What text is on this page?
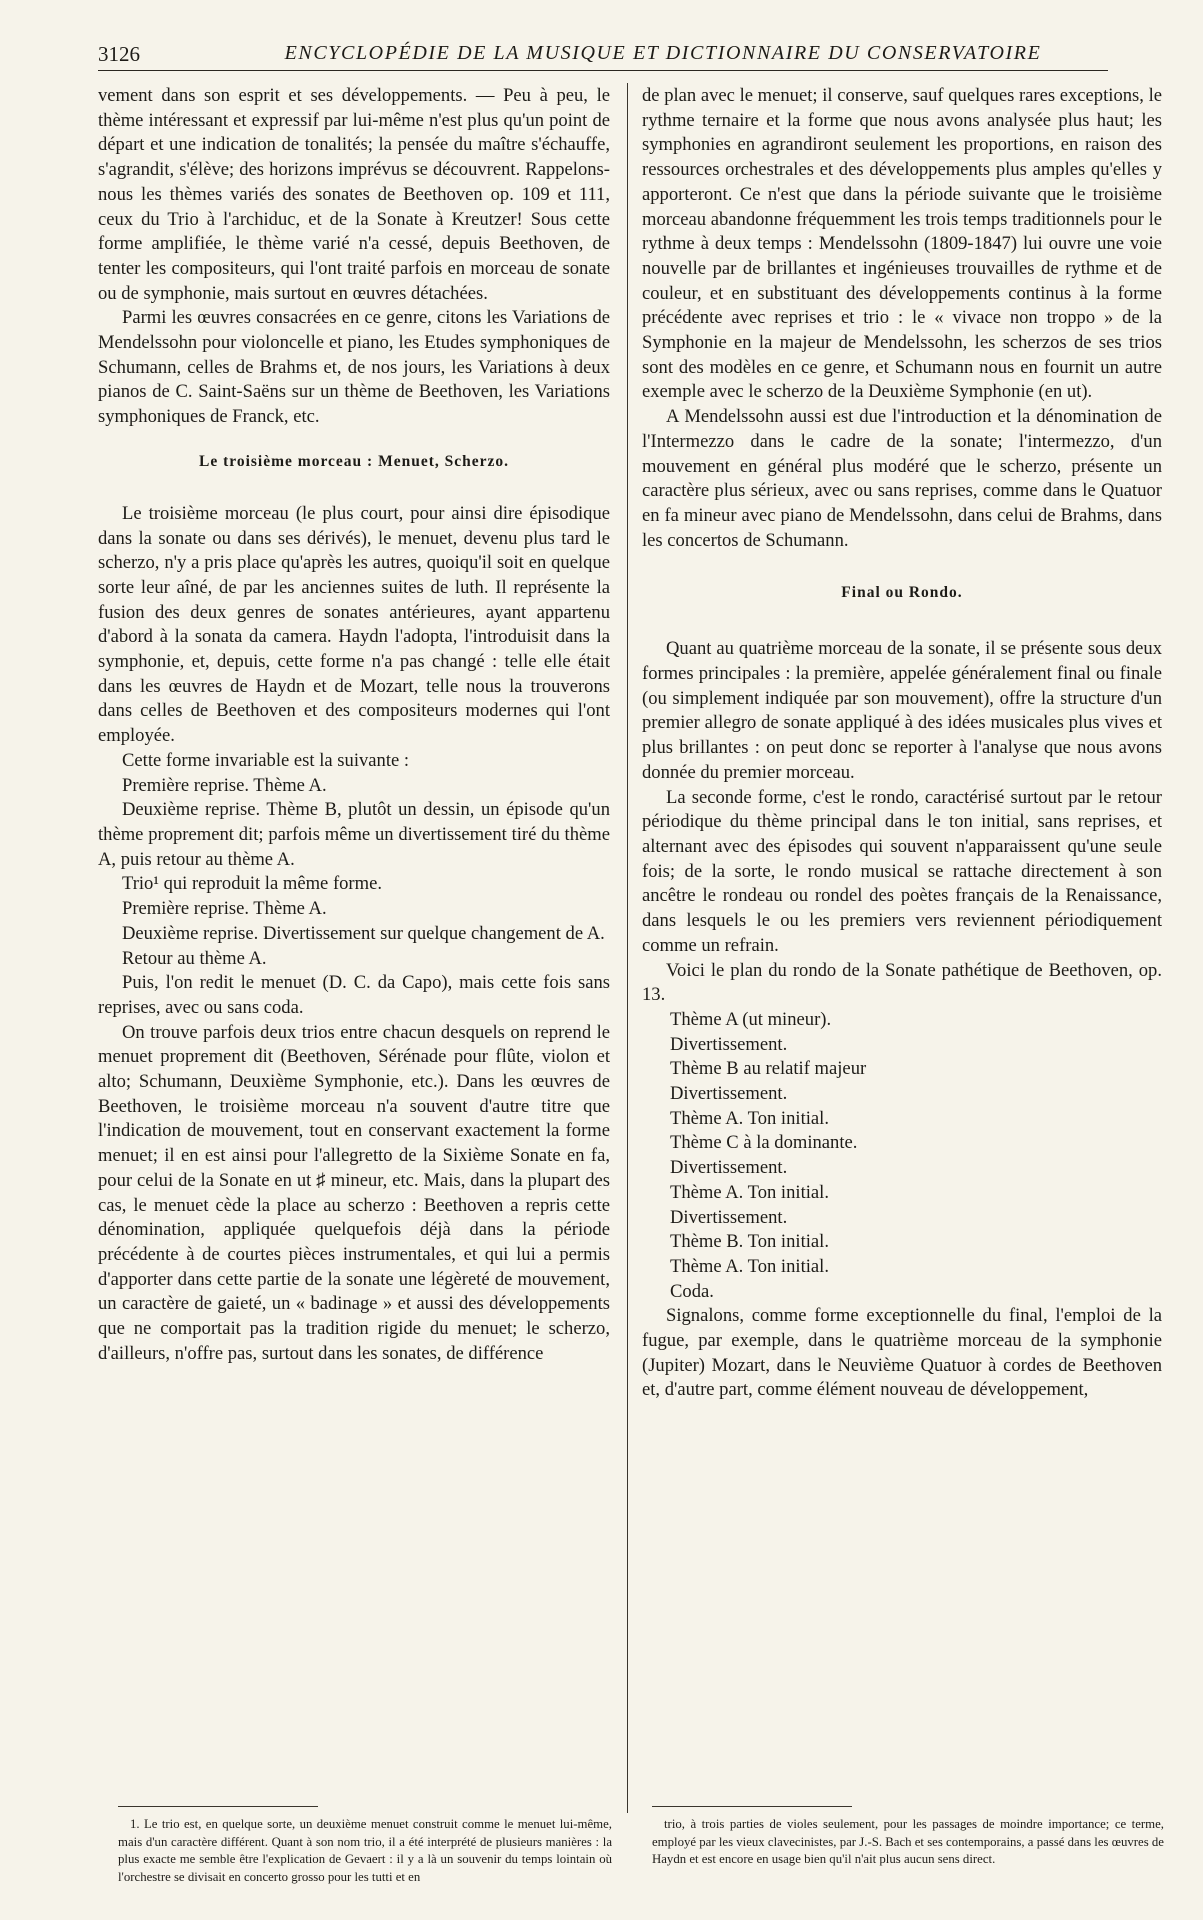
3126	ENCYCLOPÉDIE DE LA MUSIQUE ET DICTIONNAIRE DU CONSERVATOIRE

vement dans son esprit et ses développements. — Peu à peu, le thème intéressant et expressif par lui-même n'est plus qu'un point de départ et une indication de tonalités; la pensée du maître s'échauffe, s'agrandit, s'élève; des horizons imprévus se découvrent. Rappelons-nous les thèmes variés des sonates de Beethoven op. 109 et 111, ceux du Trio à l'archiduc, et de la Sonate à Kreutzer! Sous cette forme amplifiée, le thème varié n'a cessé, depuis Beethoven, de tenter les compositeurs, qui l'ont traité parfois en morceau de sonate ou de symphonie, mais surtout en œuvres détachées.

Parmi les œuvres consacrées en ce genre, citons les Variations de Mendelssohn pour violoncelle et piano, les Etudes symphoniques de Schumann, celles de Brahms et, de nos jours, les Variations à deux pianos de C. Saint-Saëns sur un thème de Beethoven, les Variations symphoniques de Franck, etc.

Le troisième morceau : Menuet, Scherzo.

Le troisième morceau (le plus court, pour ainsi dire épisodique dans la sonate ou dans ses dérivés), le menuet, devenu plus tard le scherzo, n'y a pris place qu'après les autres, quoiqu'il soit en quelque sorte leur aîné, de par les anciennes suites de luth. Il représente la fusion des deux genres de sonates antérieures, ayant appartenu d'abord à la sonata da camera. Haydn l'adopta, l'introduisit dans la symphonie, et, depuis, cette forme n'a pas changé : telle elle était dans les œuvres de Haydn et de Mozart, telle nous la trouverons dans celles de Beethoven et des compositeurs modernes qui l'ont employée.

Cette forme invariable est la suivante :

Première reprise. Thème A.

Deuxième reprise. Thème B, plutôt un dessin, un épisode qu'un thème proprement dit; parfois même un divertissement tiré du thème A, puis retour au thème A.

Trio¹ qui reproduit la même forme.

Première reprise. Thème A.

Deuxième reprise. Divertissement sur quelque changement de A.

Retour au thème A.

Puis, l'on redit le menuet (D. C. da Capo), mais cette fois sans reprises, avec ou sans coda.

On trouve parfois deux trios entre chacun desquels on reprend le menuet proprement dit (Beethoven, Sérénade pour flûte, violon et alto; Schumann, Deuxième Symphonie, etc.). Dans les œuvres de Beethoven, le troisième morceau n'a souvent d'autre titre que l'indication de mouvement, tout en conservant exactement la forme menuet; il en est ainsi pour l'allegretto de la Sixième Sonate en fa, pour celui de la Sonate en ut ♯ mineur, etc. Mais, dans la plupart des cas, le menuet cède la place au scherzo : Beethoven a repris cette dénomination, appliquée quelquefois déjà dans la période précédente à de courtes pièces instrumentales, et qui lui a permis d'apporter dans cette partie de la sonate une légèreté de mouvement, un caractère de gaieté, un « badinage » et aussi des développements que ne comportait pas la tradition rigide du menuet; le scherzo, d'ailleurs, n'offre pas, surtout dans les sonates, de différence

de plan avec le menuet; il conserve, sauf quelques rares exceptions, le rythme ternaire et la forme que nous avons analysée plus haut; les symphonies en agrandiront seulement les proportions, en raison des ressources orchestrales et des développements plus amples qu'elles y apporteront. Ce n'est que dans la période suivante que le troisième morceau abandonne fréquemment les trois temps traditionnels pour le rythme à deux temps : Mendelssohn (1809-1847) lui ouvre une voie nouvelle par de brillantes et ingénieuses trouvailles de rythme et de couleur, et en substituant des développements continus à la forme précédente avec reprises et trio : le « vivace non troppo » de la Symphonie en la majeur de Mendelssohn, les scherzos de ses trios sont des modèles en ce genre, et Schumann nous en fournit un autre exemple avec le scherzo de la Deuxième Symphonie (en ut).

A Mendelssohn aussi est due l'introduction et la dénomination de l'Intermezzo dans le cadre de la sonate; l'intermezzo, d'un mouvement en général plus modéré que le scherzo, présente un caractère plus sérieux, avec ou sans reprises, comme dans le Quatuor en fa mineur avec piano de Mendelssohn, dans celui de Brahms, dans les concertos de Schumann.

Final ou Rondo.

Quant au quatrième morceau de la sonate, il se présente sous deux formes principales : la première, appelée généralement final ou finale (ou simplement indiquée par son mouvement), offre la structure d'un premier allegro de sonate appliqué à des idées musicales plus vives et plus brillantes : on peut donc se reporter à l'analyse que nous avons donnée du premier morceau.

La seconde forme, c'est le rondo, caractérisé surtout par le retour périodique du thème principal dans le ton initial, sans reprises, et alternant avec des épisodes qui souvent n'apparaissent qu'une seule fois; de la sorte, le rondo musical se rattache directement à son ancêtre le rondeau ou rondel des poètes français de la Renaissance, dans lesquels le ou les premiers vers reviennent périodiquement comme un refrain.

Voici le plan du rondo de la Sonate pathétique de Beethoven, op. 13.

Thème A (ut mineur).

Divertissement.

Thème B au relatif majeur

Divertissement.

Thème A. Ton initial.

Thème C à la dominante.

Divertissement.

Thème A. Ton initial.

Divertissement.

Thème B. Ton initial.

Thème A. Ton initial.

Coda.

Signalons, comme forme exceptionnelle du final, l'emploi de la fugue, par exemple, dans le quatrième morceau de la symphonie (Jupiter) Mozart, dans le Neuvième Quatuor à cordes de Beethoven et, d'autre part, comme élément nouveau de développement,

1. Le trio est, en quelque sorte, un deuxième menuet construit comme le menuet lui-même, mais d'un caractère différent. Quant à son nom trio, il a été interprété de plusieurs manières : la plus exacte me semble être l'explication de Gevaert : il y a là un souvenir du temps lointain où l'orchestre se divisait en concerto grosso pour les tutti et en

trio, à trois parties de violes seulement, pour les passages de moindre importance; ce terme, employé par les vieux clavecinistes, par J.-S. Bach et ses contemporains, a passé dans les œuvres de Haydn et est encore en usage bien qu'il n'ait plus aucun sens direct.
